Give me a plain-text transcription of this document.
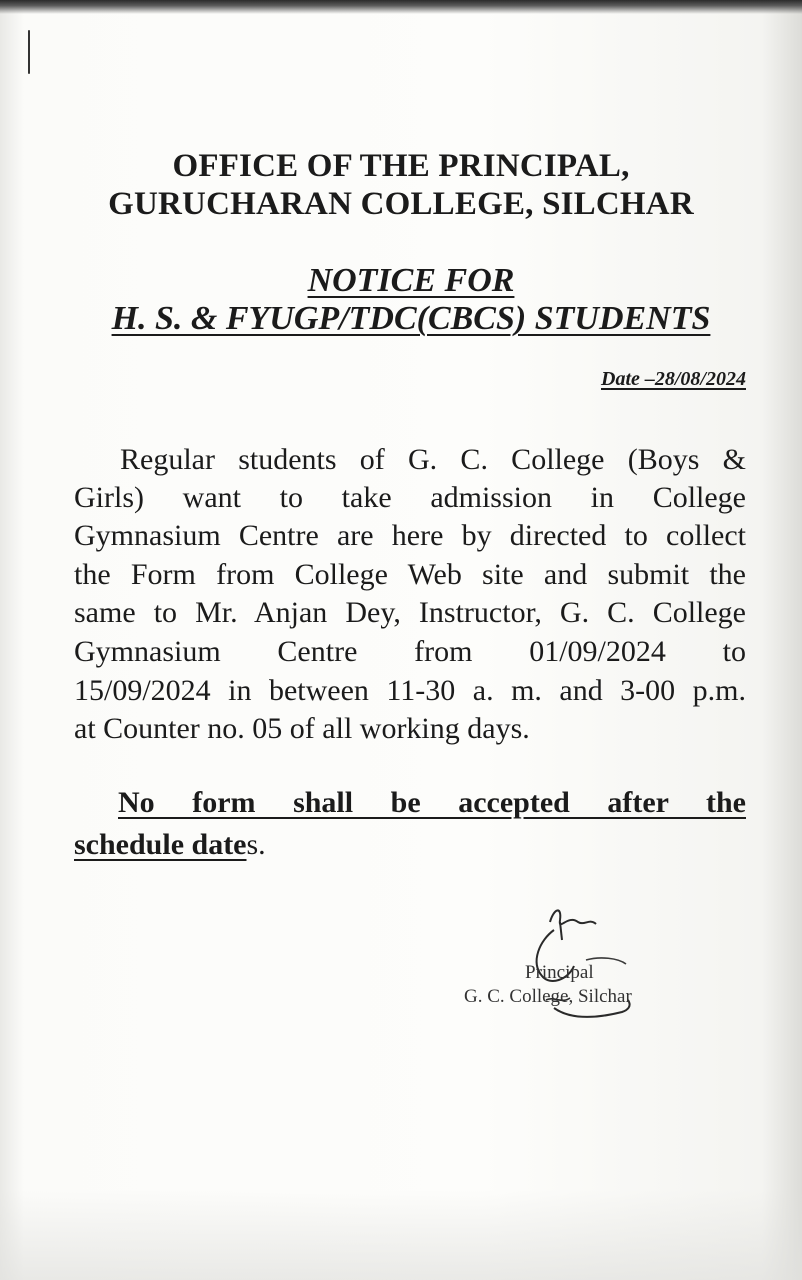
OFFICE OF THE PRINCIPAL,
GURUCHARAN COLLEGE, SILCHAR
NOTICE FOR
H. S. & FYUGP/TDC(CBCS) STUDENTS
Date –28/08/2024
Regular students of G. C. College (Boys &
Girls) want to take admission in College
Gymnasium Centre are here by directed to collect
the Form from College Web site and submit the
same to Mr. Anjan Dey, Instructor, G. C. College
Gymnasium Centre from 01/09/2024 to
15/09/2024 in between 11-30 a. m. and 3-00 p.m.
at Counter no. 05 of all working days.
No form shall be accepted after the
schedule dates.
Principal
G. C. College, Silchar
